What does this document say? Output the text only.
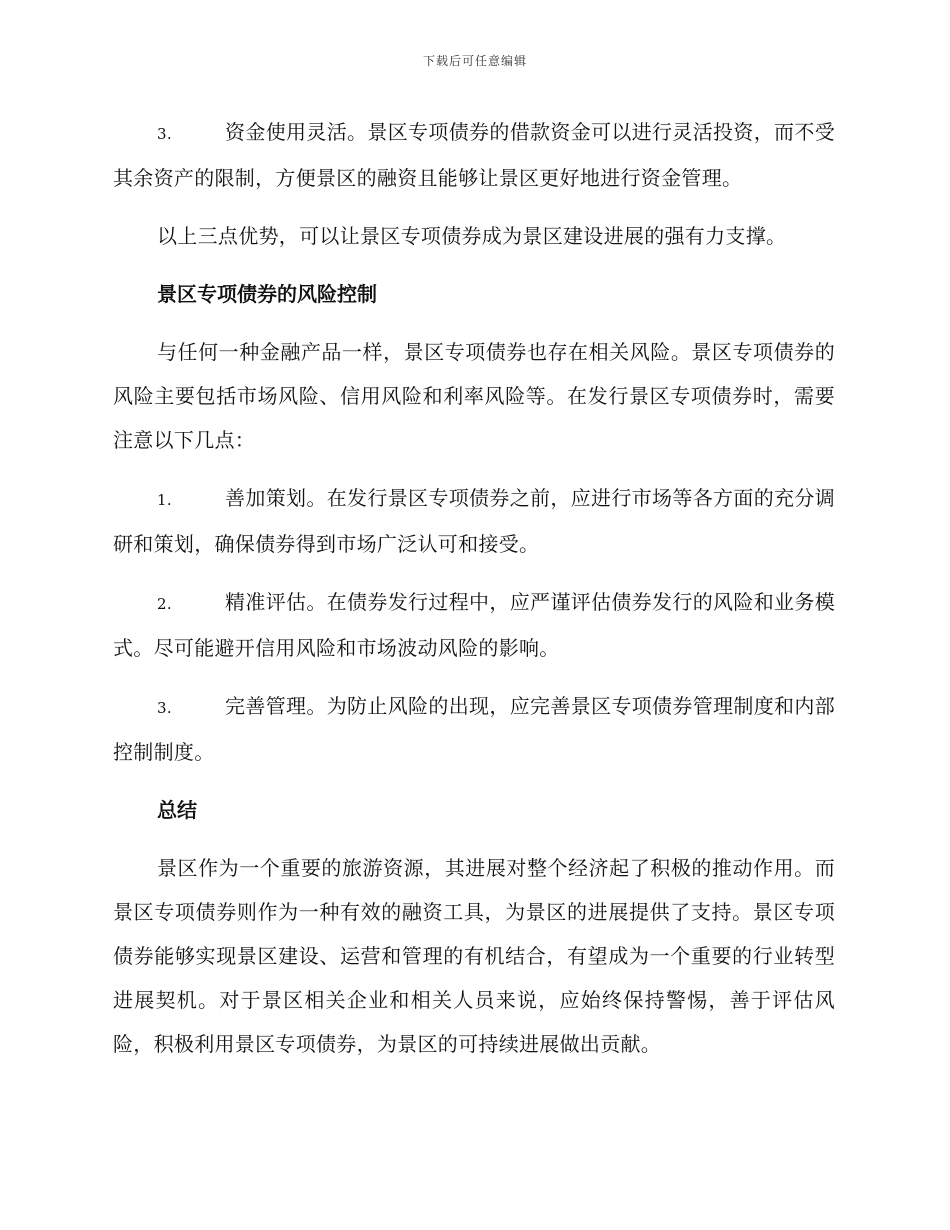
下载后可任意编辑

3.	资金使用灵活。景区专项债券的借款资金可以进行灵活投资，而不受其余资产的限制，方便景区的融资且能够让景区更好地进行资金管理。

以上三点优势，可以让景区专项债券成为景区建设进展的强有力支撑。

景区专项债券的风险控制

与任何一种金融产品一样，景区专项债券也存在相关风险。景区专项债券的风险主要包括市场风险、信用风险和利率风险等。在发行景区专项债券时，需要注意以下几点：

1.	善加策划。在发行景区专项债券之前，应进行市场等各方面的充分调研和策划，确保债券得到市场广泛认可和接受。

2.	精准评估。在债券发行过程中，应严谨评估债券发行的风险和业务模式。尽可能避开信用风险和市场波动风险的影响。

3.	完善管理。为防止风险的出现，应完善景区专项债券管理制度和内部控制制度。

总结

景区作为一个重要的旅游资源，其进展对整个经济起了积极的推动作用。而景区专项债券则作为一种有效的融资工具，为景区的进展提供了支持。景区专项债券能够实现景区建设、运营和管理的有机结合，有望成为一个重要的行业转型进展契机。对于景区相关企业和相关人员来说，应始终保持警惕，善于评估风险，积极利用景区专项债券，为景区的可持续进展做出贡献。
